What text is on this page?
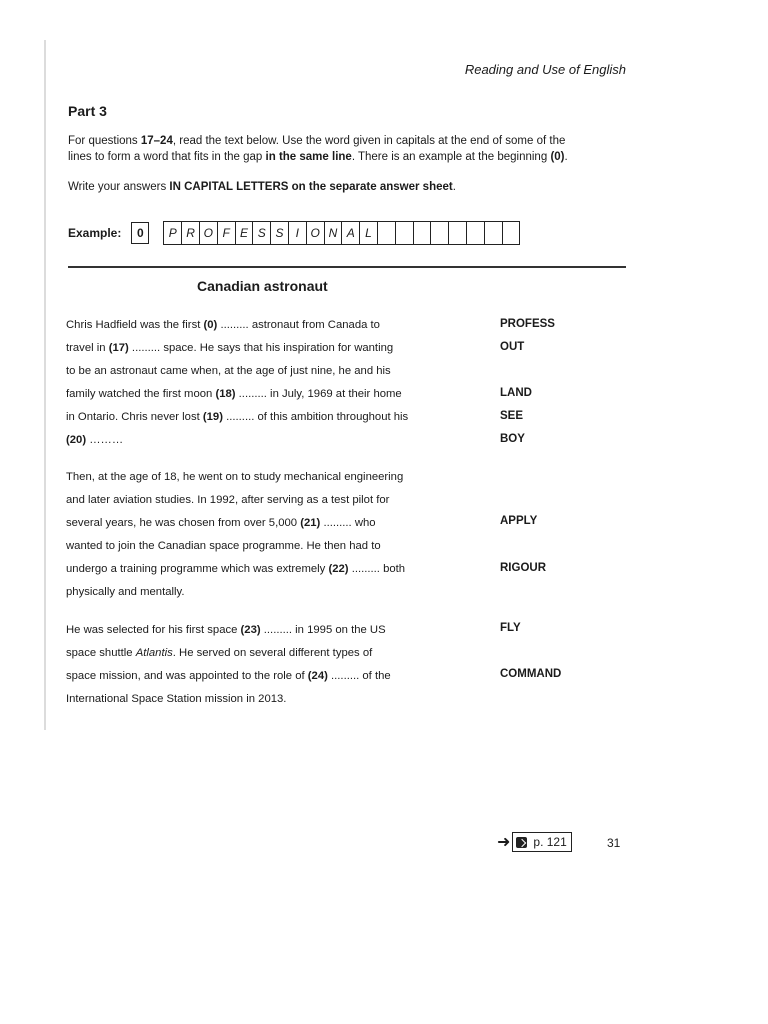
Reading and Use of English
Part 3
For questions 17–24, read the text below. Use the word given in capitals at the end of some of the
lines to form a word that fits in the gap in the same line. There is an example at the beginning (0).
Write your answers IN CAPITAL LETTERS on the separate answer sheet.
Example:	0	P R O F E S S	I O N A L
Canadian astronaut

Chris Hadfield was the first (0) ......... astronaut from Canada to

travel in (17) ......... space. He says that his inspiration for wanting

to be an astronaut came when, at the age of just nine, he and his

family watched the first moon (18) ......... in July, 1969 at their home

in Ontario. Chris never lost (19) ......... of this ambition throughout his

(20) ………

Then, at the age of 18, he went on to study mechanical engineering

and later aviation studies. In 1992, after serving as a test pilot for

several years, he was chosen from over 5,000 (21) ......... who

wanted to join the Canadian space programme. He then had to

undergo a training programme which was extremely (22) ......... both

physically and mentally.

He was selected for his first space (23) ......... in 1995 on the US

space shuttle Atlantis. He served on several different types of

space mission, and was appointed to the role of (24) ......... of the

International Space Station mission in 2013.

PROFESS
OUT
LAND
SEE
BOY
APPLY
RIGOUR
FLY
COMMAND
➜ p. 121	31
